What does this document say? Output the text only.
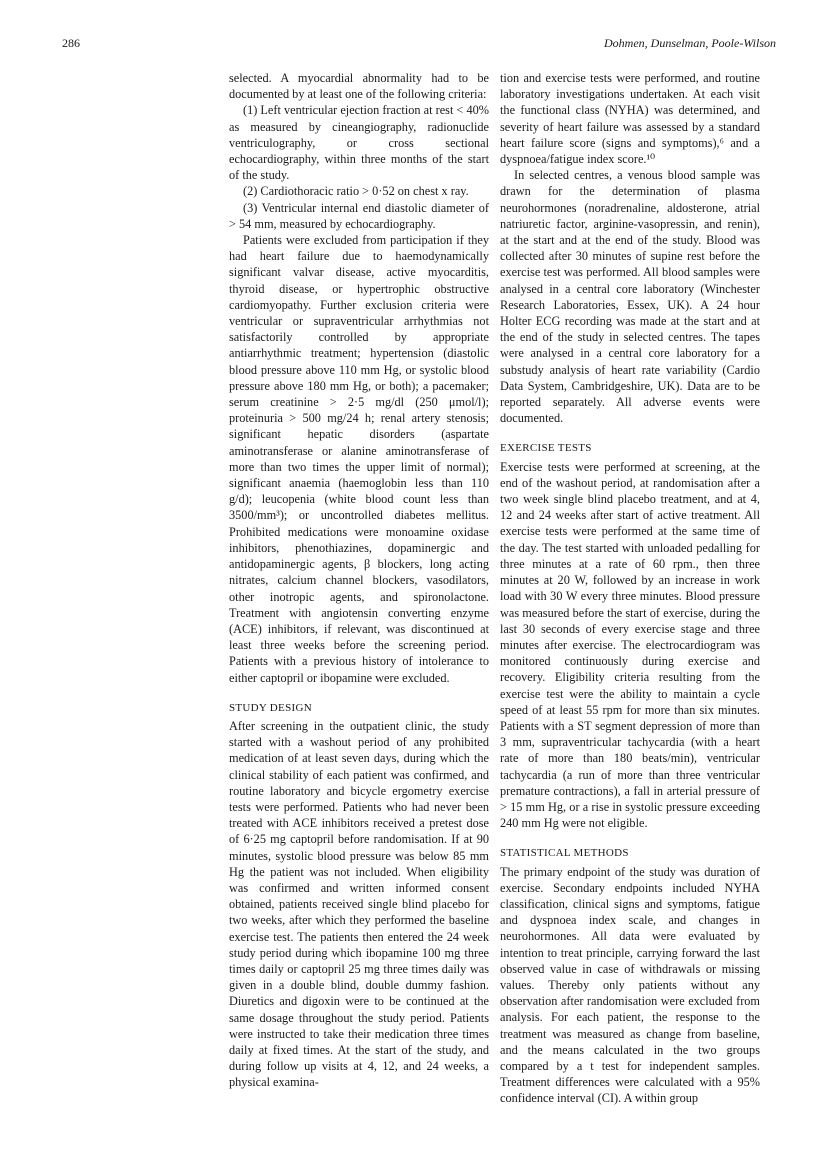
286	Dohmen, Dunselman, Poole-Wilson

selected. A myocardial abnormality had to be documented by at least one of the following criteria:

(1) Left ventricular ejection fraction at rest < 40% as measured by cineangiography, radionuclide ventriculography, or cross sectional echocardiography, within three months of the start of the study.

(2) Cardiothoracic ratio > 0·52 on chest x ray.

(3) Ventricular internal end diastolic diameter of > 54 mm, measured by echocardiography.

Patients were excluded from participation if they had heart failure due to haemodynamically significant valvar disease, active myocarditis, thyroid disease, or hypertrophic obstructive cardiomyopathy. Further exclusion criteria were ventricular or supraventricular arrhythmias not satisfactorily controlled by appropriate antiarrhythmic treatment; hypertension (diastolic blood pressure above 110 mm Hg, or systolic blood pressure above 180 mm Hg, or both); a pacemaker; serum creatinine > 2·5 mg/dl (250 μmol/l); proteinuria > 500 mg/24 h; renal artery stenosis; significant hepatic disorders (aspartate aminotransferase or alanine aminotransferase of more than two times the upper limit of normal); significant anaemia (haemoglobin less than 110 g/d); leucopenia (white blood count less than 3500/mm³); or uncontrolled diabetes mellitus. Prohibited medications were monoamine oxidase inhibitors, phenothiazines, dopaminergic and antidopaminergic agents, β blockers, long acting nitrates, calcium channel blockers, vasodilators, other inotropic agents, and spironolactone. Treatment with angiotensin converting enzyme (ACE) inhibitors, if relevant, was discontinued at least three weeks before the screening period. Patients with a previous history of intolerance to either captopril or ibopamine were excluded.

STUDY DESIGN

After screening in the outpatient clinic, the study started with a washout period of any prohibited medication of at least seven days, during which the clinical stability of each patient was confirmed, and routine laboratory and bicycle ergometry exercise tests were performed. Patients who had never been treated with ACE inhibitors received a pretest dose of 6·25 mg captopril before randomisation. If at 90 minutes, systolic blood pressure was below 85 mm Hg the patient was not included. When eligibility was confirmed and written informed consent obtained, patients received single blind placebo for two weeks, after which they performed the baseline exercise test. The patients then entered the 24 week study period during which ibopamine 100 mg three times daily or captopril 25 mg three times daily was given in a double blind, double dummy fashion. Diuretics and digoxin were to be continued at the same dosage throughout the study period. Patients were instructed to take their medication three times daily at fixed times. At the start of the study, and during follow up visits at 4, 12, and 24 weeks, a physical examina-

tion and exercise tests were performed, and routine laboratory investigations undertaken. At each visit the functional class (NYHA) was determined, and severity of heart failure was assessed by a standard heart failure score (signs and symptoms),⁶ and a dyspnoea/fatigue index score.¹⁰

In selected centres, a venous blood sample was drawn for the determination of plasma neurohormones (noradrenaline, aldosterone, atrial natriuretic factor, arginine-vasopressin, and renin), at the start and at the end of the study. Blood was collected after 30 minutes of supine rest before the exercise test was performed. All blood samples were analysed in a central core laboratory (Winchester Research Laboratories, Essex, UK). A 24 hour Holter ECG recording was made at the start and at the end of the study in selected centres. The tapes were analysed in a central core laboratory for a substudy analysis of heart rate variability (Cardio Data System, Cambridgeshire, UK). Data are to be reported separately. All adverse events were documented.

EXERCISE TESTS

Exercise tests were performed at screening, at the end of the washout period, at randomisation after a two week single blind placebo treatment, and at 4, 12 and 24 weeks after start of active treatment. All exercise tests were performed at the same time of the day. The test started with unloaded pedalling for three minutes at a rate of 60 rpm., then three minutes at 20 W, followed by an increase in work load with 30 W every three minutes. Blood pressure was measured before the start of exercise, during the last 30 seconds of every exercise stage and three minutes after exercise. The electrocardiogram was monitored continuously during exercise and recovery. Eligibility criteria resulting from the exercise test were the ability to maintain a cycle speed of at least 55 rpm for more than six minutes. Patients with a ST segment depression of more than 3 mm, supraventricular tachycardia (with a heart rate of more than 180 beats/min), ventricular tachycardia (a run of more than three ventricular premature contractions), a fall in arterial pressure of > 15 mm Hg, or a rise in systolic pressure exceeding 240 mm Hg were not eligible.

STATISTICAL METHODS

The primary endpoint of the study was duration of exercise. Secondary endpoints included NYHA classification, clinical signs and symptoms, fatigue and dyspnoea index scale, and changes in neurohormones. All data were evaluated by intention to treat principle, carrying forward the last observed value in case of withdrawals or missing values. Thereby only patients without any observation after randomisation were excluded from analysis. For each patient, the response to the treatment was measured as change from baseline, and the means calculated in the two groups compared by a t test for independent samples. Treatment differences were calculated with a 95% confidence interval (CI). A within group
